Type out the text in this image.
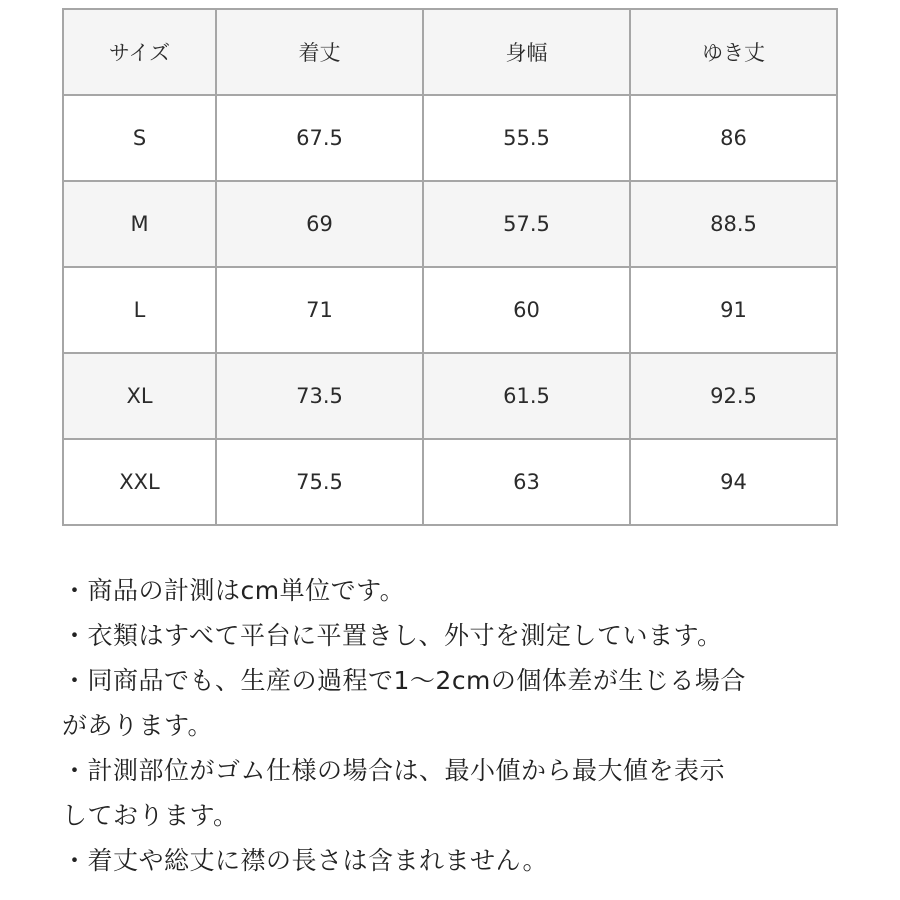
サイズ	着丈	身幅	ゆき丈
S	67.5	55.5	86
M	69	57.5	88.5
L	71	60	91
XL	73.5	61.5	92.5
XXL	75.5	63	94

・商品の計測はcm単位です。

・衣類はすべて平台に平置きし、外寸を測定しています。

・同商品でも、生産の過程で1〜2cmの個体差が生じる場合

があります。

・計測部位がゴム仕様の場合は、最小値から最大値を表示

しております。

・着丈や総丈に襟の長さは含まれません。
